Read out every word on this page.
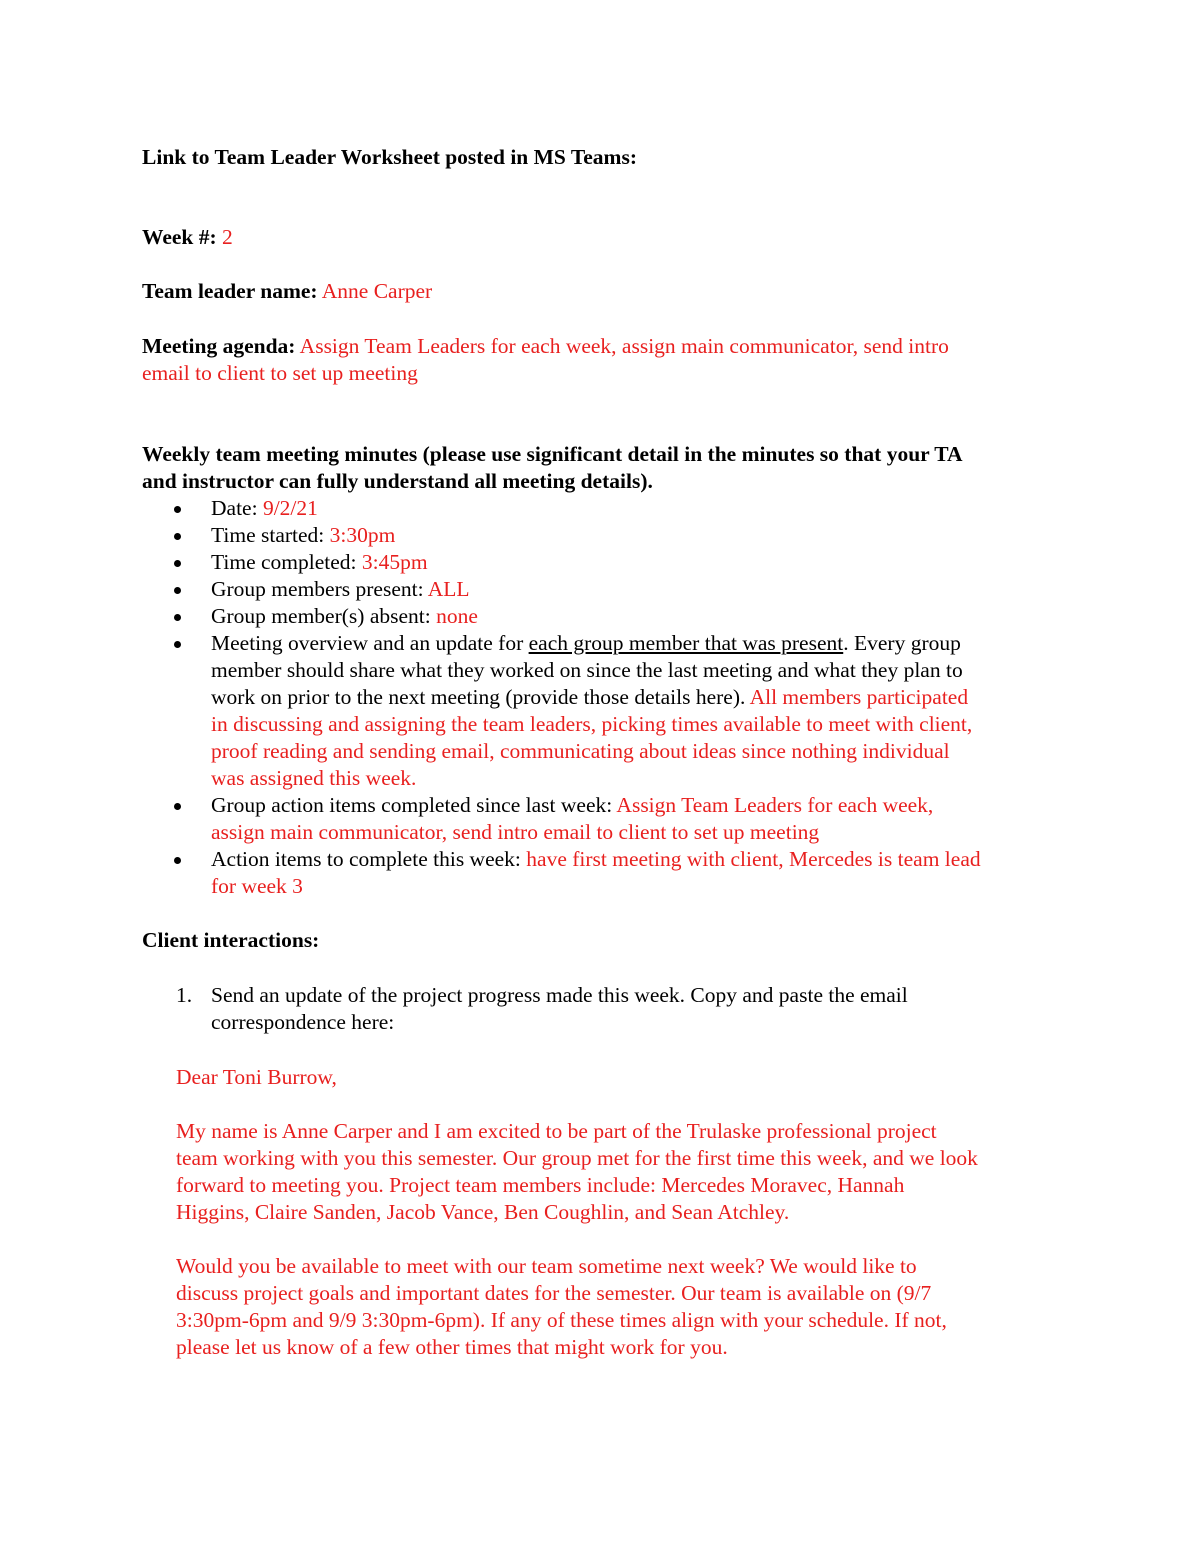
Link to Team Leader Worksheet posted in MS Teams:
Week #: 2
Team leader name: Anne Carper
Meeting agenda: Assign Team Leaders for each week, assign main communicator, send intro
email to client to set up meeting
Weekly team meeting minutes (please use significant detail in the minutes so that your TA
and instructor can fully understand all meeting details).
Date: 9/2/21
Time started: 3:30pm
Time completed: 3:45pm
Group members present: ALL
Group member(s) absent: none
Meeting overview and an update for each group member that was present. Every group
member should share what they worked on since the last meeting and what they plan to
work on prior to the next meeting (provide those details here). All members participated
in discussing and assigning the team leaders, picking times available to meet with client,
proof reading and sending email, communicating about ideas since nothing individual
was assigned this week.
Group action items completed since last week: Assign Team Leaders for each week,
assign main communicator, send intro email to client to set up meeting
Action items to complete this week: have first meeting with client, Mercedes is team lead
for week 3
Client interactions:
1. Send an update of the project progress made this week. Copy and paste the email
correspondence here:
Dear Toni Burrow,
My name is Anne Carper and I am excited to be part of the Trulaske professional project
team working with you this semester. Our group met for the first time this week, and we look
forward to meeting you. Project team members include: Mercedes Moravec, Hannah
Higgins, Claire Sanden, Jacob Vance, Ben Coughlin, and Sean Atchley.
Would you be available to meet with our team sometime next week? We would like to
discuss project goals and important dates for the semester. Our team is available on (9/7
3:30pm-6pm and 9/9 3:30pm-6pm). If any of these times align with your schedule. If not,
please let us know of a few other times that might work for you.
